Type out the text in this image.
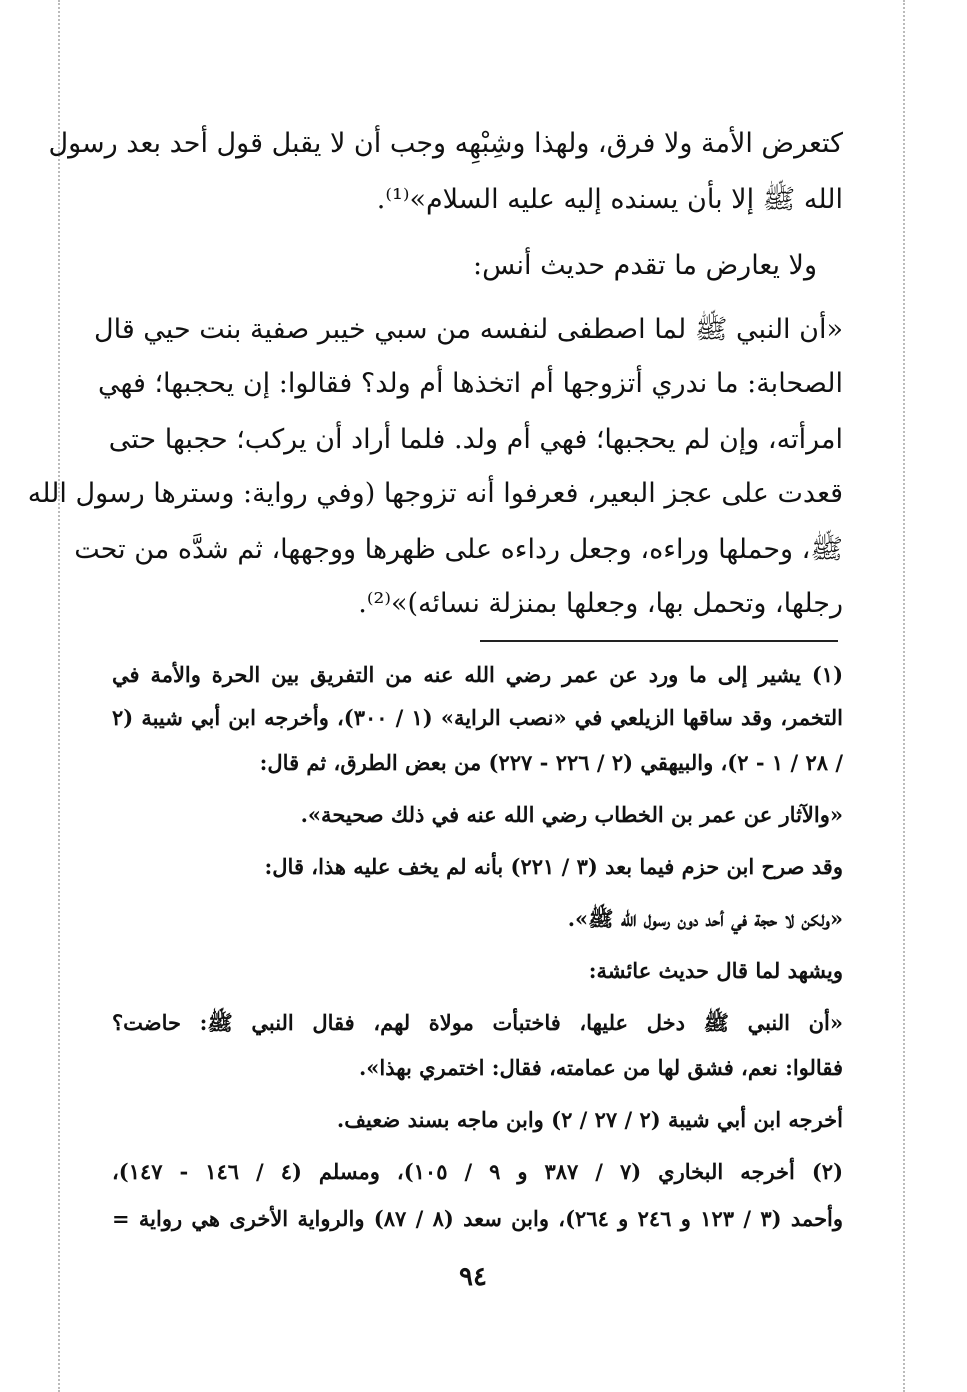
كتعرض الأمة ولا فرق، ولهذا وشِبْهِه وجب أن لا يقبل قول أحد بعد رسول
الله ﷺ إلا بأن يسنده إليه عليه السلام»⁽¹⁾.
ولا يعارض ما تقدم حديث أنس:
«أن النبي ﷺ لما اصطفى لنفسه من سبي خيبر صفية بنت حيي قال
الصحابة: ما ندري أتزوجها أم اتخذها أم ولد؟ فقالوا: إن يحجبها؛ فهي
امرأته، وإن لم يحجبها؛ فهي أم ولد. فلما أراد أن يركب؛ حجبها حتى
قعدت على عجز البعير، فعرفوا أنه تزوجها (وفي رواية: وسترها رسول الله
ﷺ، وحملها وراءه، وجعل رداءه على ظهرها ووجهها، ثم شدَّه من تحت
رجلها، وتحمل بها، وجعلها بمنزلة نسائه)»⁽²⁾.
(١) يشير إلى ما ورد عن عمر رضي الله عنه من التفريق بين الحرة والأمة في
التخمر، وقد ساقها الزيلعي في «نصب الراية» (١ / ٣٠٠)، وأخرجه ابن أبي شيبة (٢
/ ٢٨ / ١ - ٢)، والبيهقي (٢ / ٢٢٦ - ٢٢٧) من بعض الطرق، ثم قال:
«والآثار عن عمر بن الخطاب رضي الله عنه في ذلك صحيحة».
وقد صرح ابن حزم فيما بعد (٣ / ٢٢١) بأنه لم يخف عليه هذا، قال:
«ولكن لا حجة في أحد دون رسول الله ﷺ».
ويشهد لما قال حديث عائشة:
«أن النبي ﷺ دخل عليها، فاختبأت مولاة لهم، فقال النبي ﷺ: حاضت؟
فقالوا: نعم، فشق لها من عمامته، فقال: اختمري بهذا».
أخرجه ابن أبي شيبة (٢ / ٢٧ / ٢) وابن ماجه بسند ضعيف.
(٢) أخرجه البخاري (٧ / ٣٨٧ و ٩ / ١٠٥)، ومسلم (٤ / ١٤٦ - ١٤٧)،
وأحمد (٣ / ١٢٣ و ٢٤٦ و ٢٦٤)، وابن سعد (٨ / ٨٧) والرواية الأخرى هي رواية =
٩٤
